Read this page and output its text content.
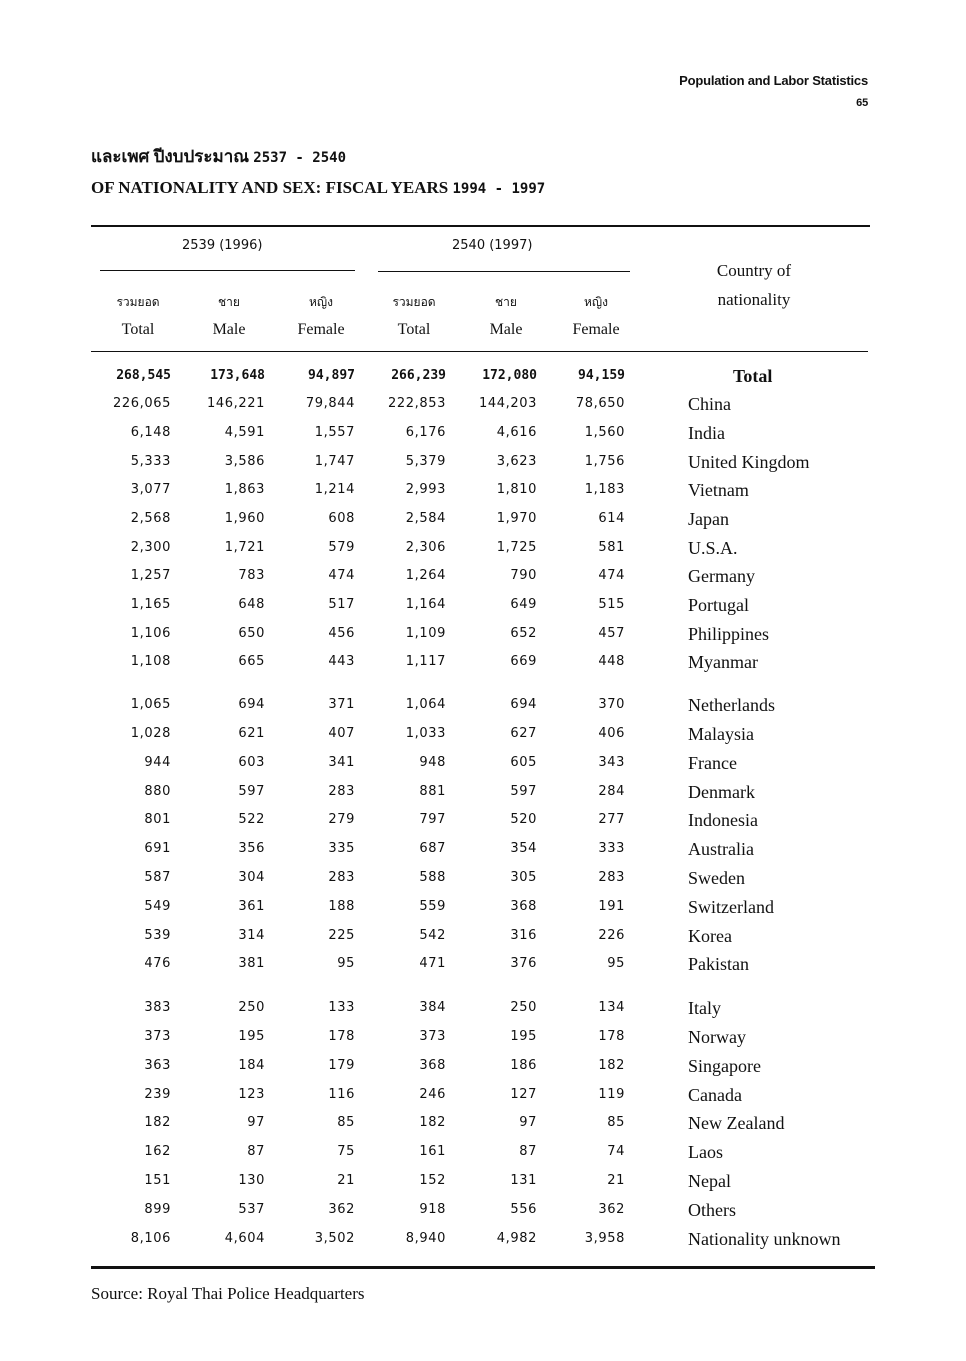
Population and Labor Statistics
65
และเพศ ปีงบประมาณ 2537 - 2540
OF NATIONALITY AND SEX: FISCAL YEARS 1994 - 1997
2539 (1996)	2540 (1997)
รวมยอด
Total
ชาย
Male
หญิง
Female
รวมยอด
Total
ชาย
Male
หญิง
Female
Country of
nationality
268,545	173,648	94,897	266,239	172,080	94,159	Total
226,065	146,221	79,844	222,853	144,203	78,650	China
6,148	4,591	1,557	6,176	4,616	1,560	India
5,333	3,586	1,747	5,379	3,623	1,756	United Kingdom
3,077	1,863	1,214	2,993	1,810	1,183	Vietnam
2,568	1,960	608	2,584	1,970	614	Japan
2,300	1,721	579	2,306	1,725	581	U.S.A.
1,257	783	474	1,264	790	474	Germany
1,165	648	517	1,164	649	515	Portugal
1,106	650	456	1,109	652	457	Philippines
1,108	665	443	1,117	669	448	Myanmar
1,065	694	371	1,064	694	370	Netherlands
1,028	621	407	1,033	627	406	Malaysia
944	603	341	948	605	343	France
880	597	283	881	597	284	Denmark
801	522	279	797	520	277	Indonesia
691	356	335	687	354	333	Australia
587	304	283	588	305	283	Sweden
549	361	188	559	368	191	Switzerland
539	314	225	542	316	226	Korea
476	381	95	471	376	95	Pakistan
383	250	133	384	250	134	Italy
373	195	178	373	195	178	Norway
363	184	179	368	186	182	Singapore
239	123	116	246	127	119	Canada
182	97	85	182	97	85	New Zealand
162	87	75	161	87	74	Laos
151	130	21	152	131	21	Nepal
899	537	362	918	556	362	Others
8,106	4,604	3,502	8,940	4,982	3,958	Nationality unknown
Source: Royal Thai Police Headquarters
